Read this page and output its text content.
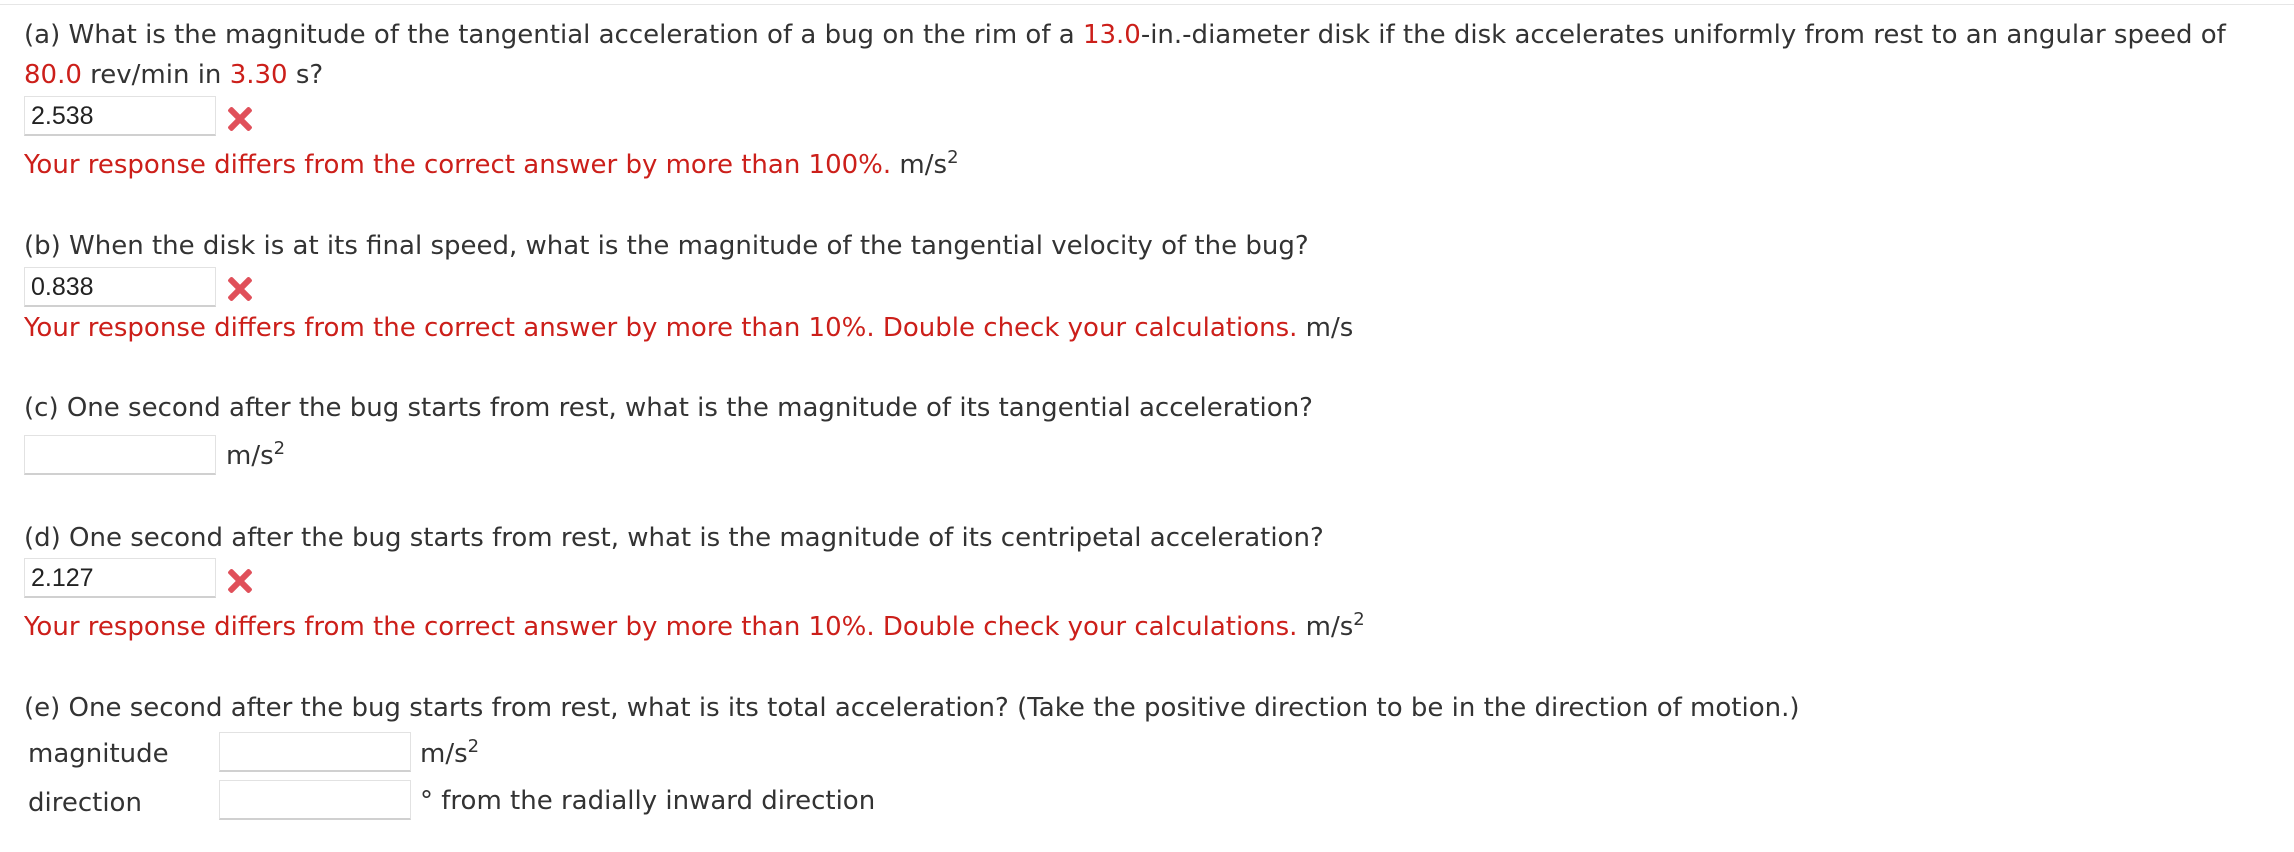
(a) What is the magnitude of the tangential acceleration of a bug on the rim of a 13.0-in.-diameter disk if the disk accelerates uniformly from rest to an angular speed of
80.0 rev/min in 3.30 s?
2.538
Your response differs from the correct answer by more than 100%. $m/s^2$
(b) When the disk is at its final speed, what is the magnitude of the tangential velocity of the bug?
0.838
Your response differs from the correct answer by more than 10%. Double check your calculations. m/s
(c) One second after the bug starts from rest, what is the magnitude of its tangential acceleration?
$m/s^2$
(d) One second after the bug starts from rest, what is the magnitude of its centripetal acceleration?
2.127
Your response differs from the correct answer by more than 10%. Double check your calculations. $m/s^2$
(e) One second after the bug starts from rest, what is its total acceleration? (Take the positive direction to be in the direction of motion.)
magnitude	$m/s^2$
direction	° from the radially inward direction
